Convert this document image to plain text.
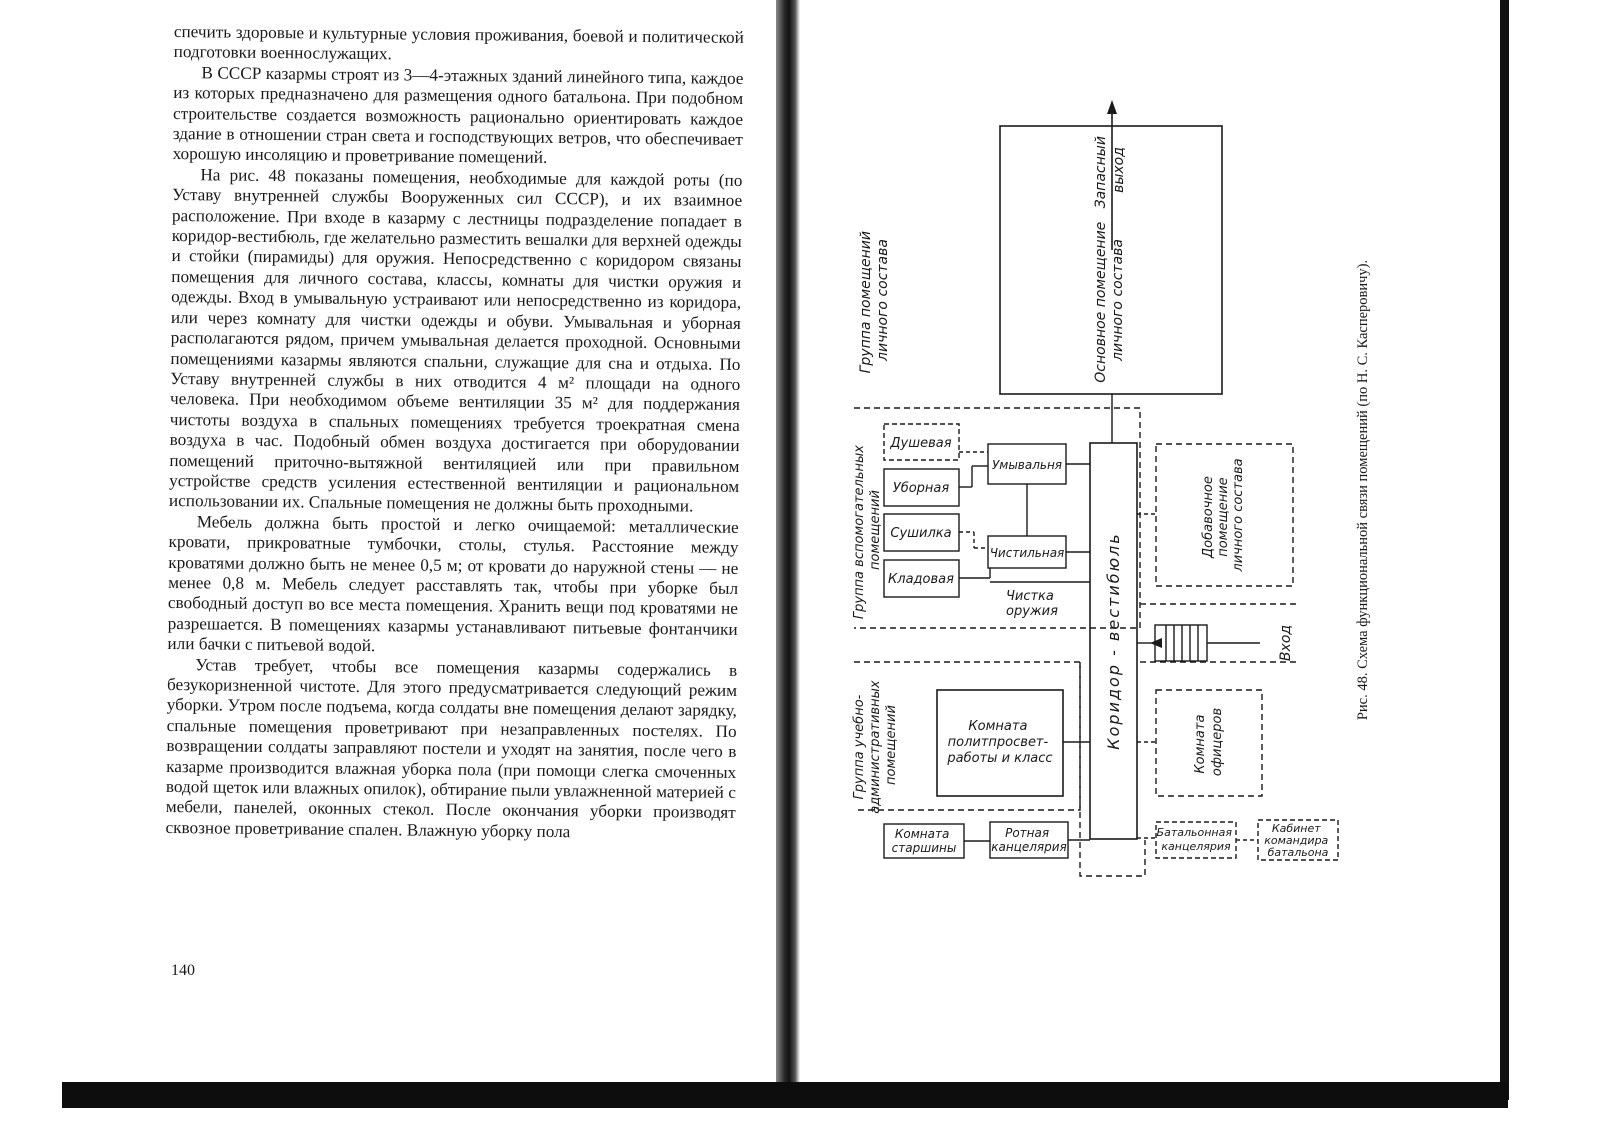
спечить здоровые и культурные условия проживания, боевой и политической подготовки военнослужащих.

В СССР казармы строят из 3—4-этажных зданий линейного типа, каждое из которых предназначено для размещения одного батальона. При подобном строительстве создается возможность рационально ориентировать каждое здание в отношении стран света и господствующих ветров, что обеспечивает хорошую инсоляцию и проветривание помещений.

На рис. 48 показаны помещения, необходимые для каждой роты (по Уставу внутренней службы Вооруженных сил СССР), и их взаимное расположение. При входе в казарму с лестницы подразделение попадает в коридор-вестибюль, где желательно разместить вешалки для верхней одежды и стойки (пирамиды) для оружия. Непосредственно с коридором связаны помещения для личного состава, классы, комнаты для чистки оружия и одежды. Вход в умывальную устраивают или непосредственно из коридора, или через комнату для чистки одежды и обуви. Умывальная и уборная располагаются рядом, причем умывальная делается проходной. Основными помещениями казармы являются спальни, служащие для сна и отдыха. По Уставу внутренней службы в них отводится 4 м² площади на одного человека. При необходимом объеме вентиляции 35 м² для поддержания чистоты воздуха в спальных помещениях требуется троекратная смена воздуха в час. Подобный обмен воздуха достигается при оборудовании помещений приточно-вытяжной вентиляцией или при правильном устройстве средств усиления естественной вентиляции и рациональном использовании их. Спальные помещения не должны быть проходными.

Мебель должна быть простой и легко очищаемой: металлические кровати, прикроватные тумбочки, столы, стулья. Расстояние между кроватями должно быть не менее 0,5 м; от кровати до наружной стены — не менее 0,8 м. Мебель следует расставлять так, чтобы при уборке был свободный доступ во все места помещения. Хранить вещи под кроватями не разрешается. В помещениях казармы устанавливают питьевые фонтанчики или бачки с питьевой водой.

Устав требует, чтобы все помещения казармы содержались в безукоризненной чистоте. Для этого предусматривается следующий режим уборки. Утром после подъема, когда солдаты вне помещения делают зарядку, спальные помещения проветривают при незаправленных постелях. По возвращении солдаты заправляют постели и уходят на занятия, после чего в казарме производится влажная уборка пола (при помощи слегка смоченных водой щеток или влажных опилок), обтирание пыли увлажненной материей с мебели, панелей, оконных стекол. После окончания уборки производят сквозное проветривание спален. Влажную уборку пола

140
Группа помещений личного состава	Основное помещение личного состава
Запасный выход
Группа вспомогательных помещений
Душевая
Уборная
Сушилка
Кладовая
Умывальня
Чистильная
Чистка оружия	Коридор - вестибюль
Добавочное помещение личного состава
Вход
Группа учебно- административных помещений	Комната политпросвет- работы и класс	Комната офицеров
Комната старшины
Ротная канцелярия
Батальонная канцелярия
Кабинет командира батальона
Рис. 48. Схема функциональной связи помещений (по Н. С. Касперовичу).
